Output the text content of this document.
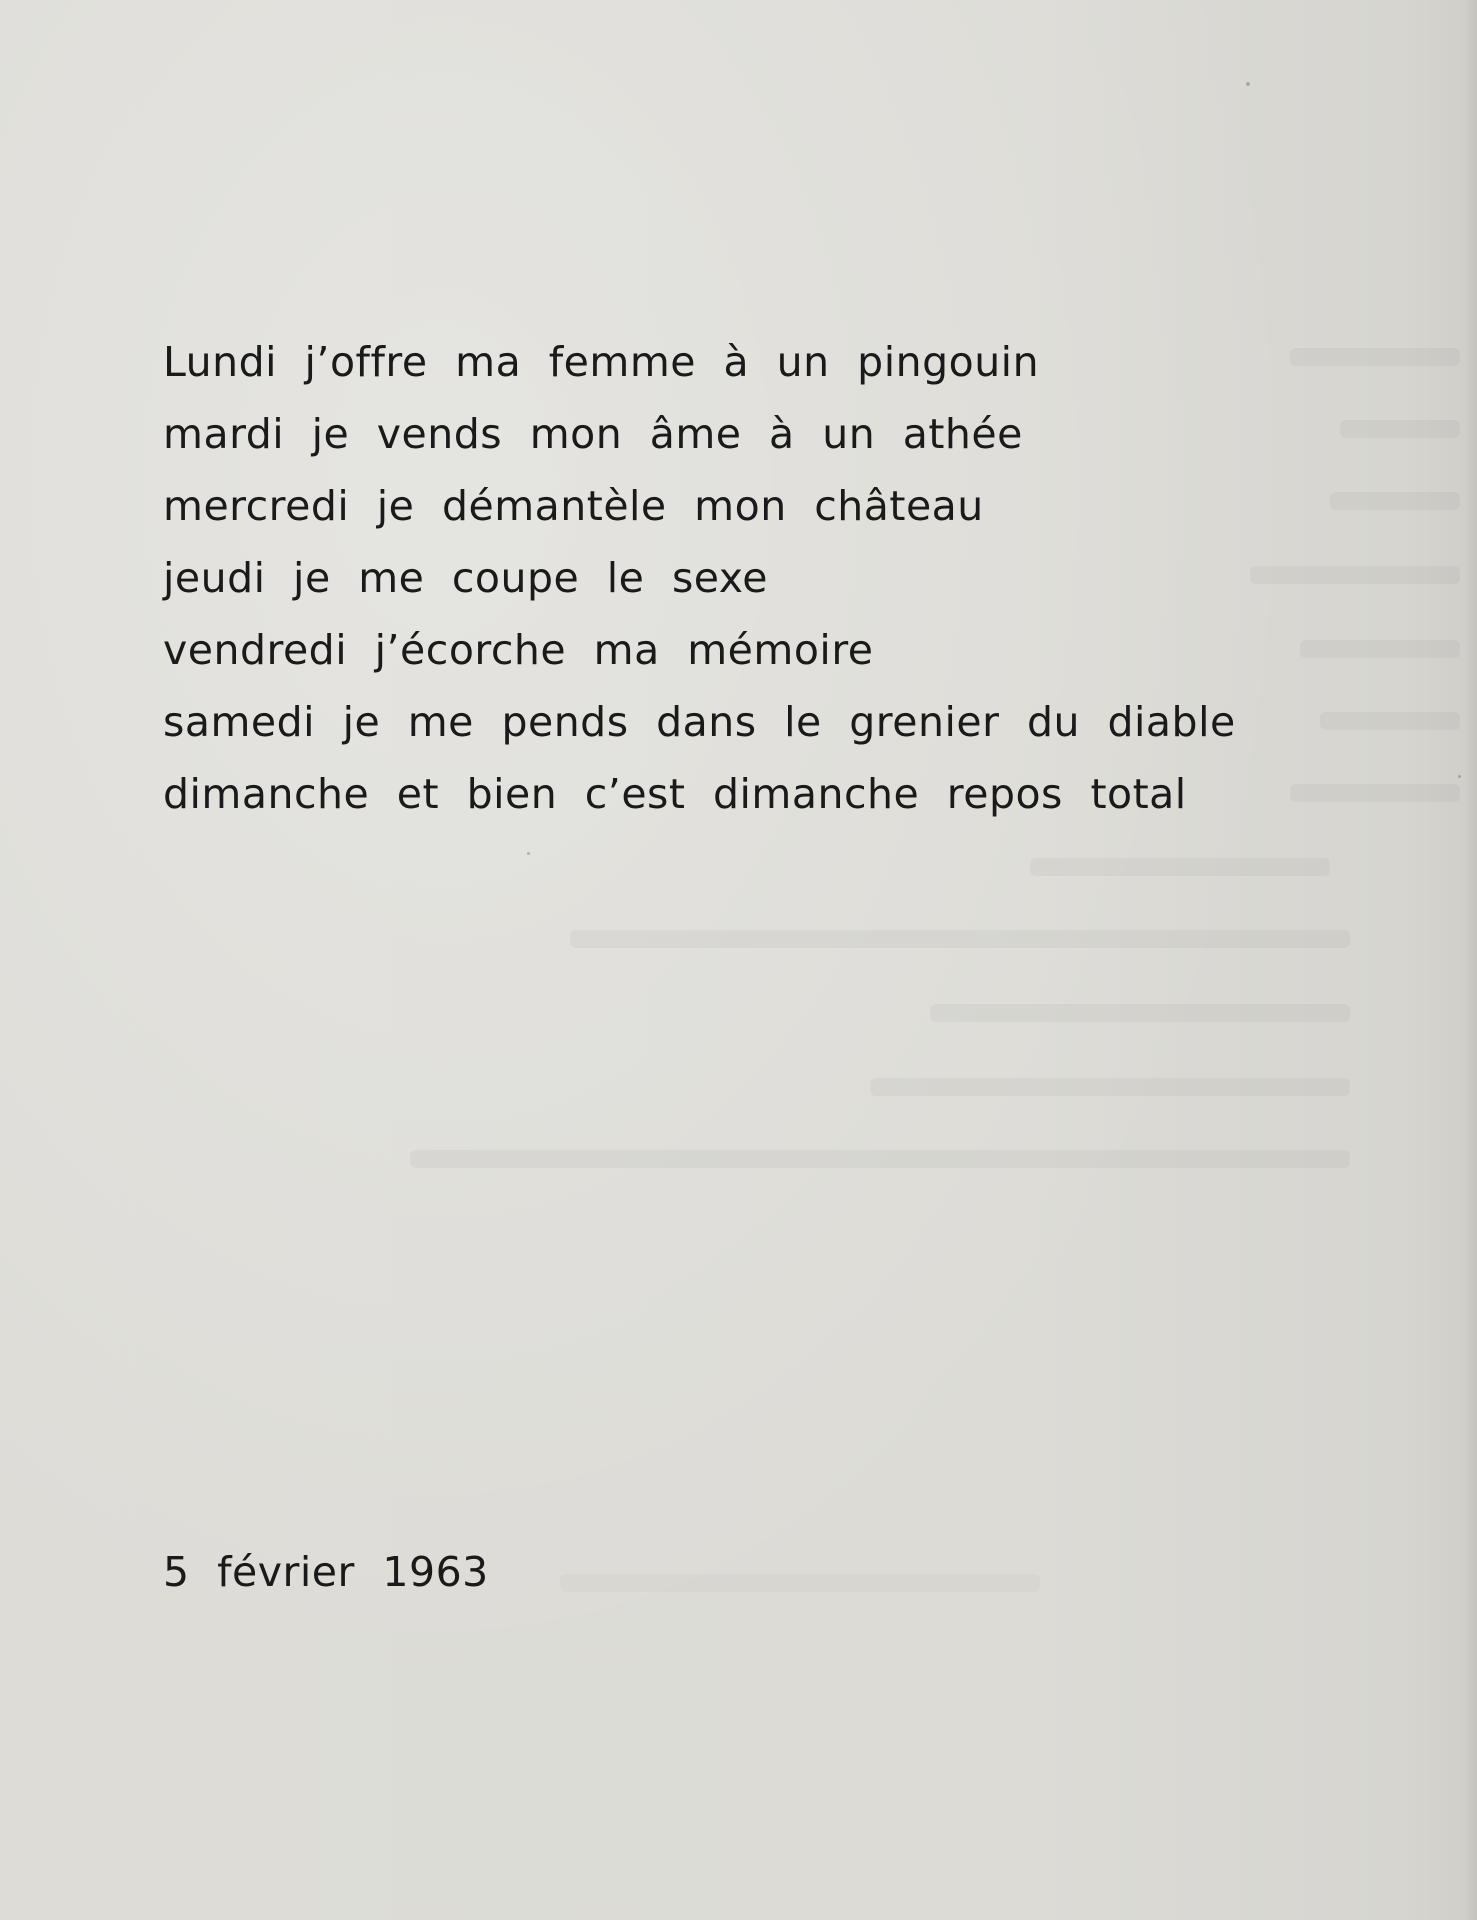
Lundi j’offre ma femme à un pingouin
mardi je vends mon âme à un athée
mercredi je démantèle mon château
jeudi je me coupe le sexe
vendredi j’écorche ma mémoire
samedi je me pends dans le grenier du diable
dimanche et bien c’est dimanche repos total
5 février 1963
